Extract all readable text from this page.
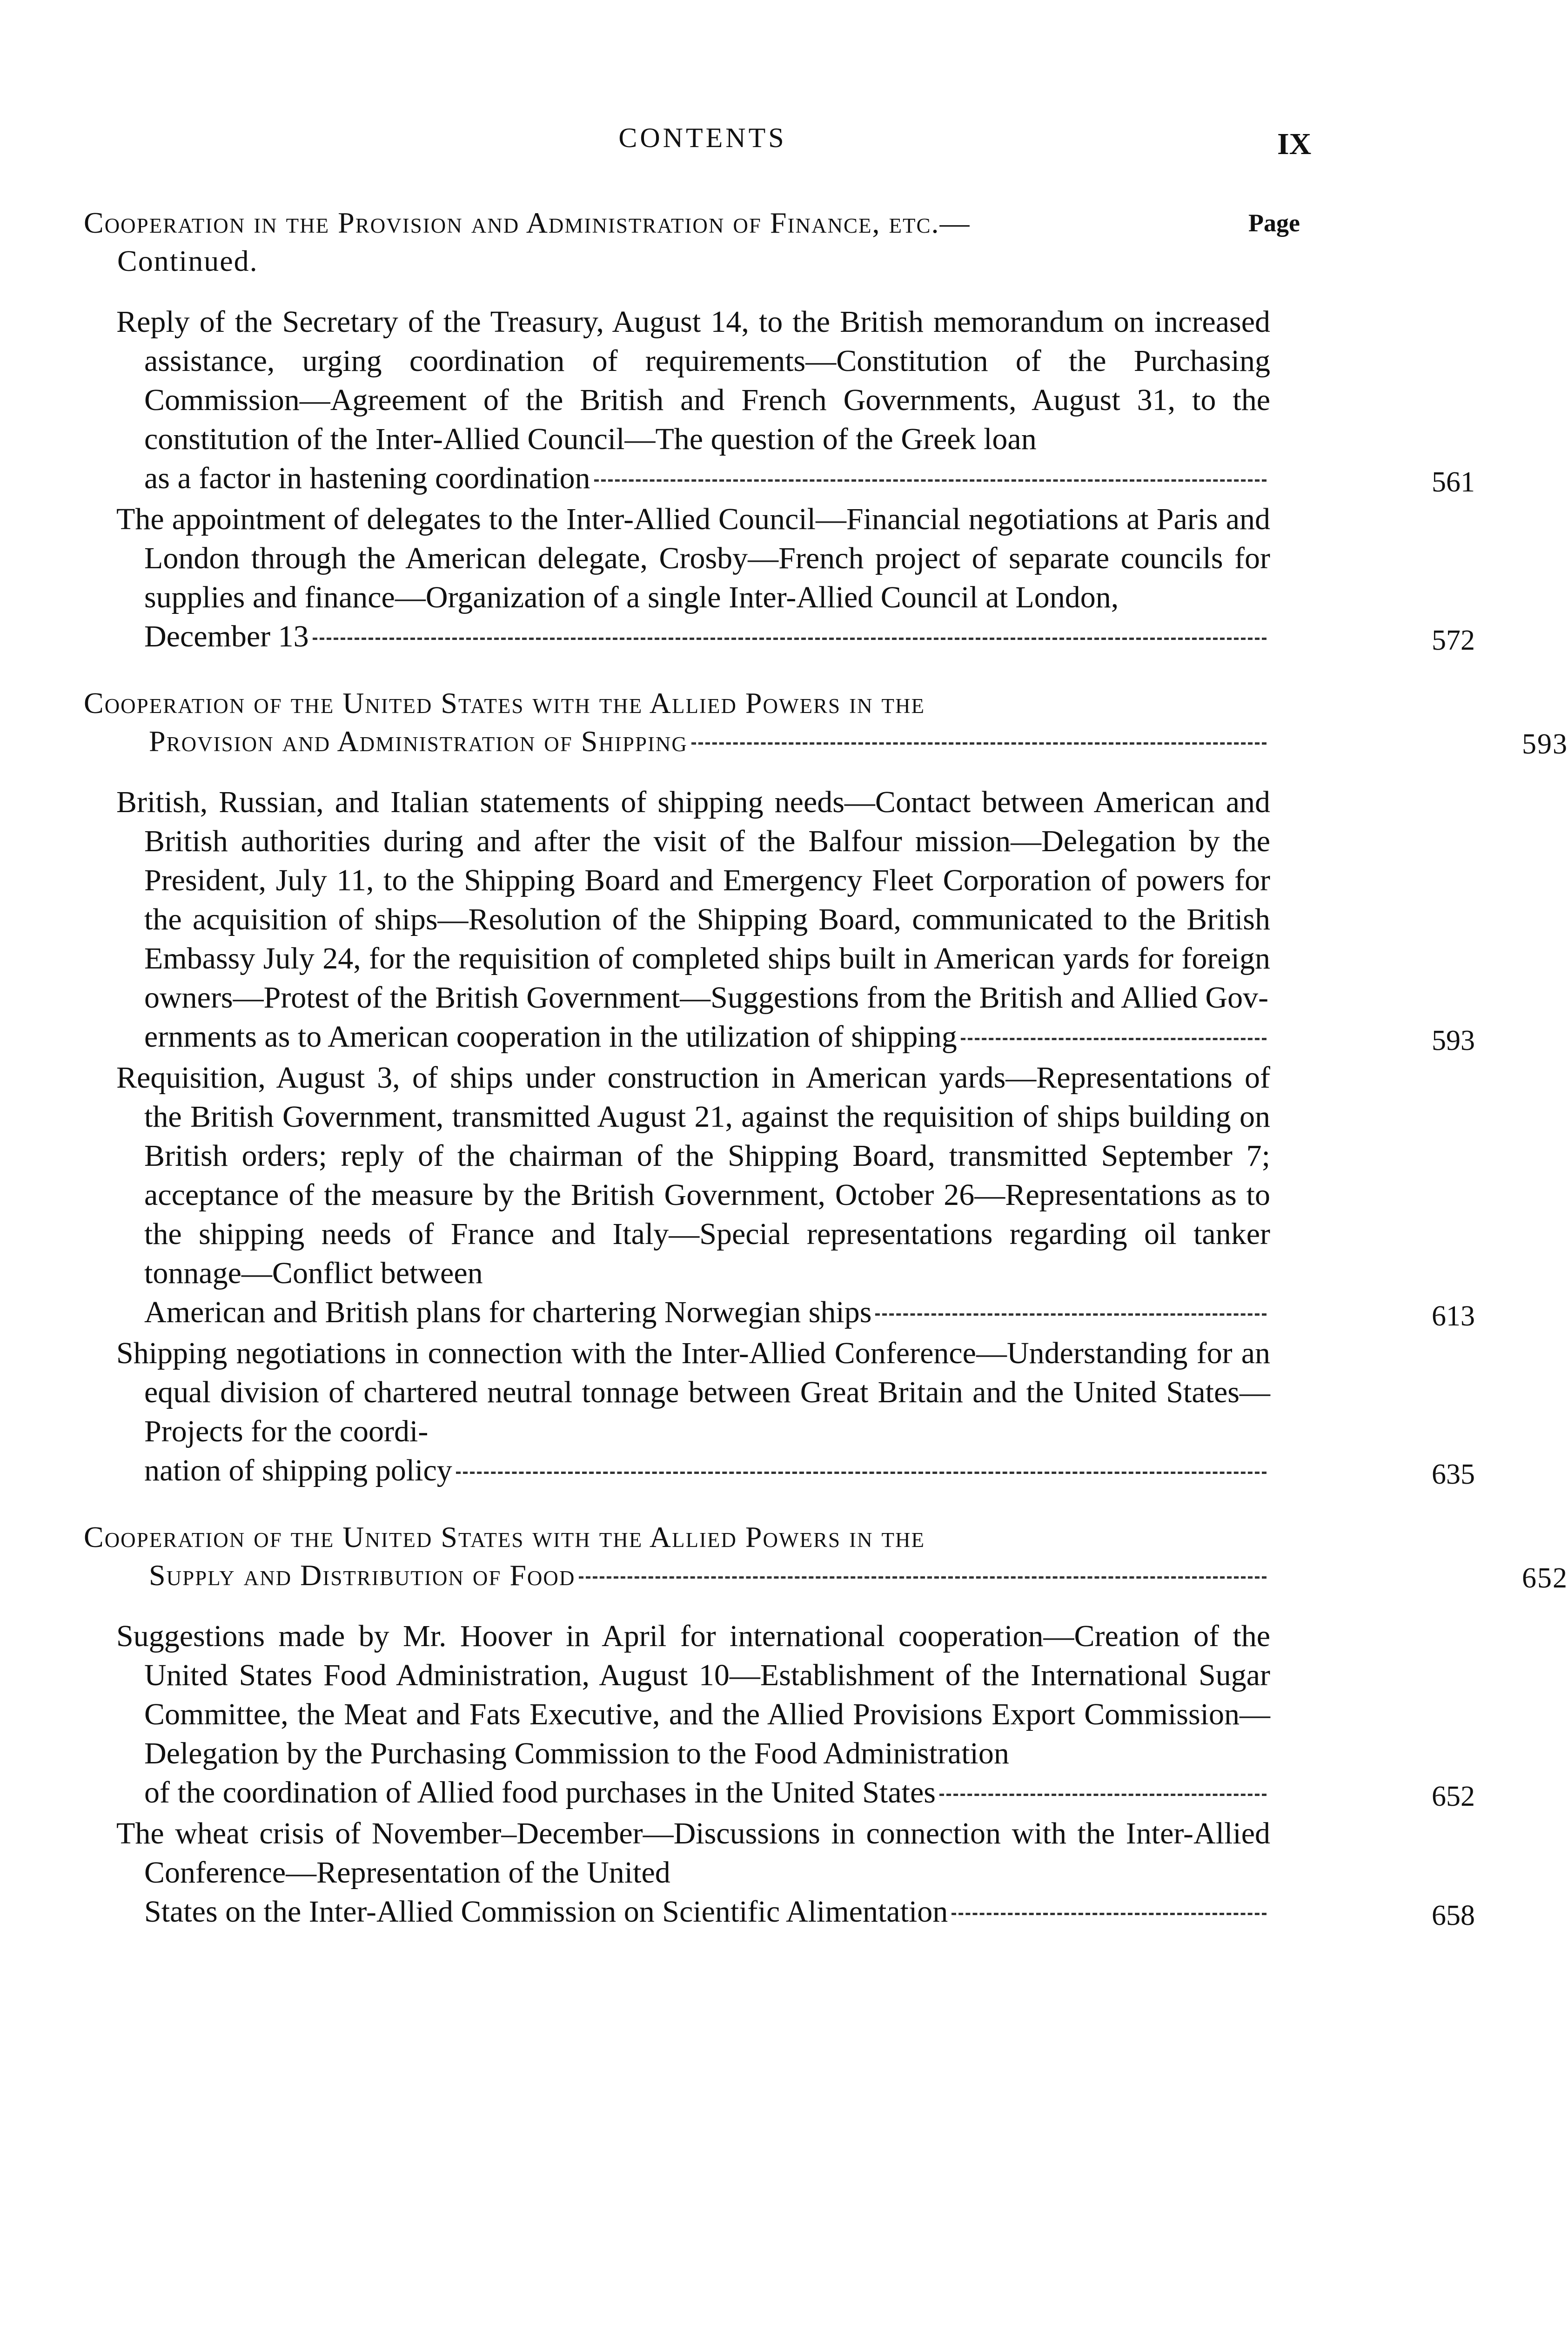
CONTENTS	IX
Page
Cooperation in the Provision and Administration of Finance, etc.—
Continued.
Reply of the Secretary of the Treasury, August 14, to the British memorandum on increased assistance, urging coordination of requirements—Constitution of the Purchasing Commission—Agreement of the British and French Governments, August 31, to the constitution of the Inter-Allied Council—The question of the Greek loan
as a factor in hastening coordination	561
The appointment of delegates to the Inter-Allied Council—Financial negotiations at Paris and London through the American delegate, Crosby—French project of separate councils for supplies and finance—Organization of a single Inter-Allied Council at London,
December 13	572
Cooperation of the United States with the Allied Powers in the
Provision and Administration of Shipping	593
British, Russian, and Italian statements of shipping needs—Contact between American and British authorities during and after the visit of the Balfour mission—Delegation by the President, July 11, to the Shipping Board and Emergency Fleet Corporation of powers for the acquisition of ships—Resolution of the Shipping Board, communicated to the British Embassy July 24, for the requisition of completed ships built in American yards for foreign owners—Protest of the British Government—Suggestions from the British and Allied Gov-
ernments as to American cooperation in the utilization of shipping	593
Requisition, August 3, of ships under construction in American yards—Representations of the British Government, transmitted August 21, against the requisition of ships building on British orders; reply of the chairman of the Shipping Board, transmitted September 7; acceptance of the measure by the British Government, October 26—Representations as to the shipping needs of France and Italy—Special representations regarding oil tanker tonnage—Conflict between
American and British plans for chartering Norwegian ships	613
Shipping negotiations in connection with the Inter-Allied Conference—Understanding for an equal division of chartered neutral tonnage between Great Britain and the United States—Projects for the coordi-
nation of shipping policy	635
Cooperation of the United States with the Allied Powers in the
Supply and Distribution of Food	652
Suggestions made by Mr. Hoover in April for international cooperation—Creation of the United States Food Administration, August 10—Establishment of the International Sugar Committee, the Meat and Fats Executive, and the Allied Provisions Export Commission—Delegation by the Purchasing Commission to the Food Administration
of the coordination of Allied food purchases in the United States	652
The wheat crisis of November–December—Discussions in connection with the Inter-Allied Conference—Representation of the United
States on the Inter-Allied Commission on Scientific Alimentation	658
